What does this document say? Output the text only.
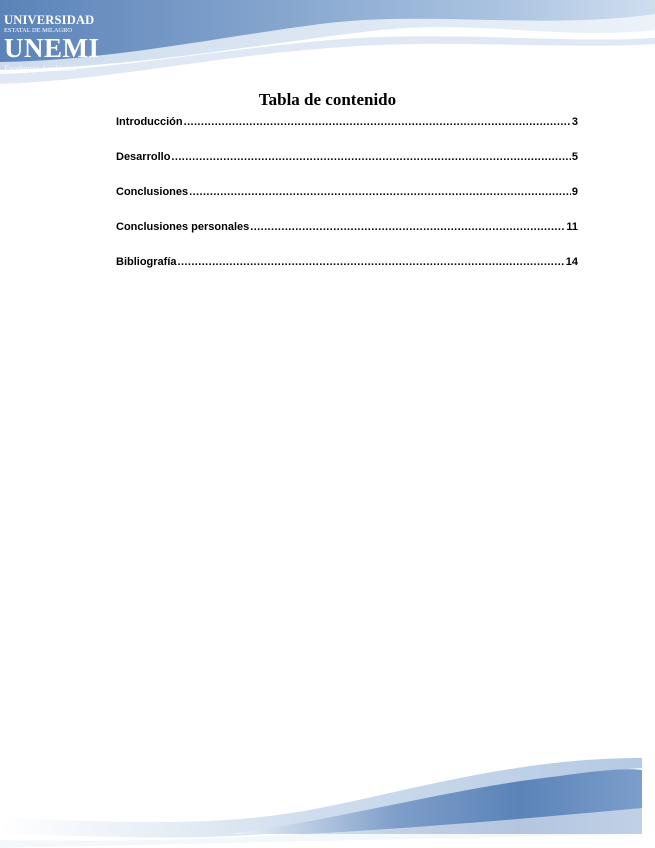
UNIVERSIDAD
ESTATAL DE MILAGRO
UNEMI
Excelencia Académica
Tabla de contenido
Introducción .....	3
Desarrollo .....	5
Conclusiones .....	9
Conclusiones personales .....	11
Bibliografía .....	14
